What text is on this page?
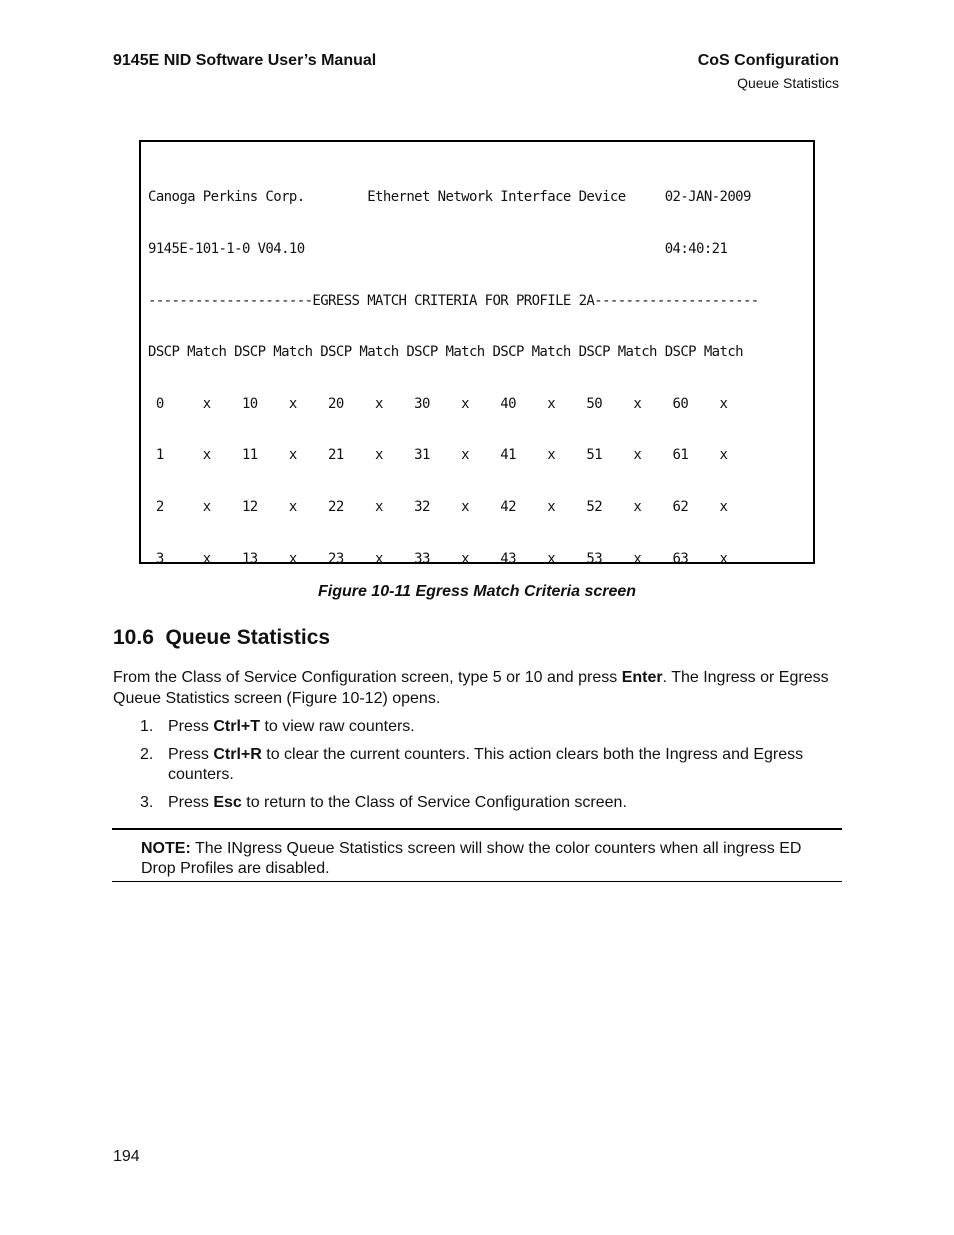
9145E NID Software User’s Manual	CoS Configuration
Queue Statistics

Canoga Perkins Corp.        Ethernet Network Interface Device     02-JAN-2009

9145E-101-1-0 V04.10                                              04:40:21

---------------------EGRESS MATCH CRITERIA FOR PROFILE 2A---------------------

DSCP Match DSCP Match DSCP Match DSCP Match DSCP Match DSCP Match DSCP Match

0     x    10    x    20    x    30    x    40    x    50    x    60    x

1     x    11    x    21    x    31    x    41    x    51    x    61    x

2     x    12    x    22    x    32    x    42    x    52    x    62    x

3     x    13    x    23    x    33    x    43    x    53    x    63    x

Figure 10-11 Egress Match Criteria screen
10.6 Queue Statistics
From the Class of Service Configuration screen, type 5 or 10 and press Enter. The Ingress or Egress Queue Statistics screen (Figure 10-12) opens.
1. Press Ctrl+T to view raw counters.
2. Press Ctrl+R to clear the current counters. This action clears both the Ingress and Egress counters.
3. Press Esc to return to the Class of Service Configuration screen.
NOTE: The INgress Queue Statistics screen will show the color counters when all ingress ED Drop Profiles are disabled.
194
